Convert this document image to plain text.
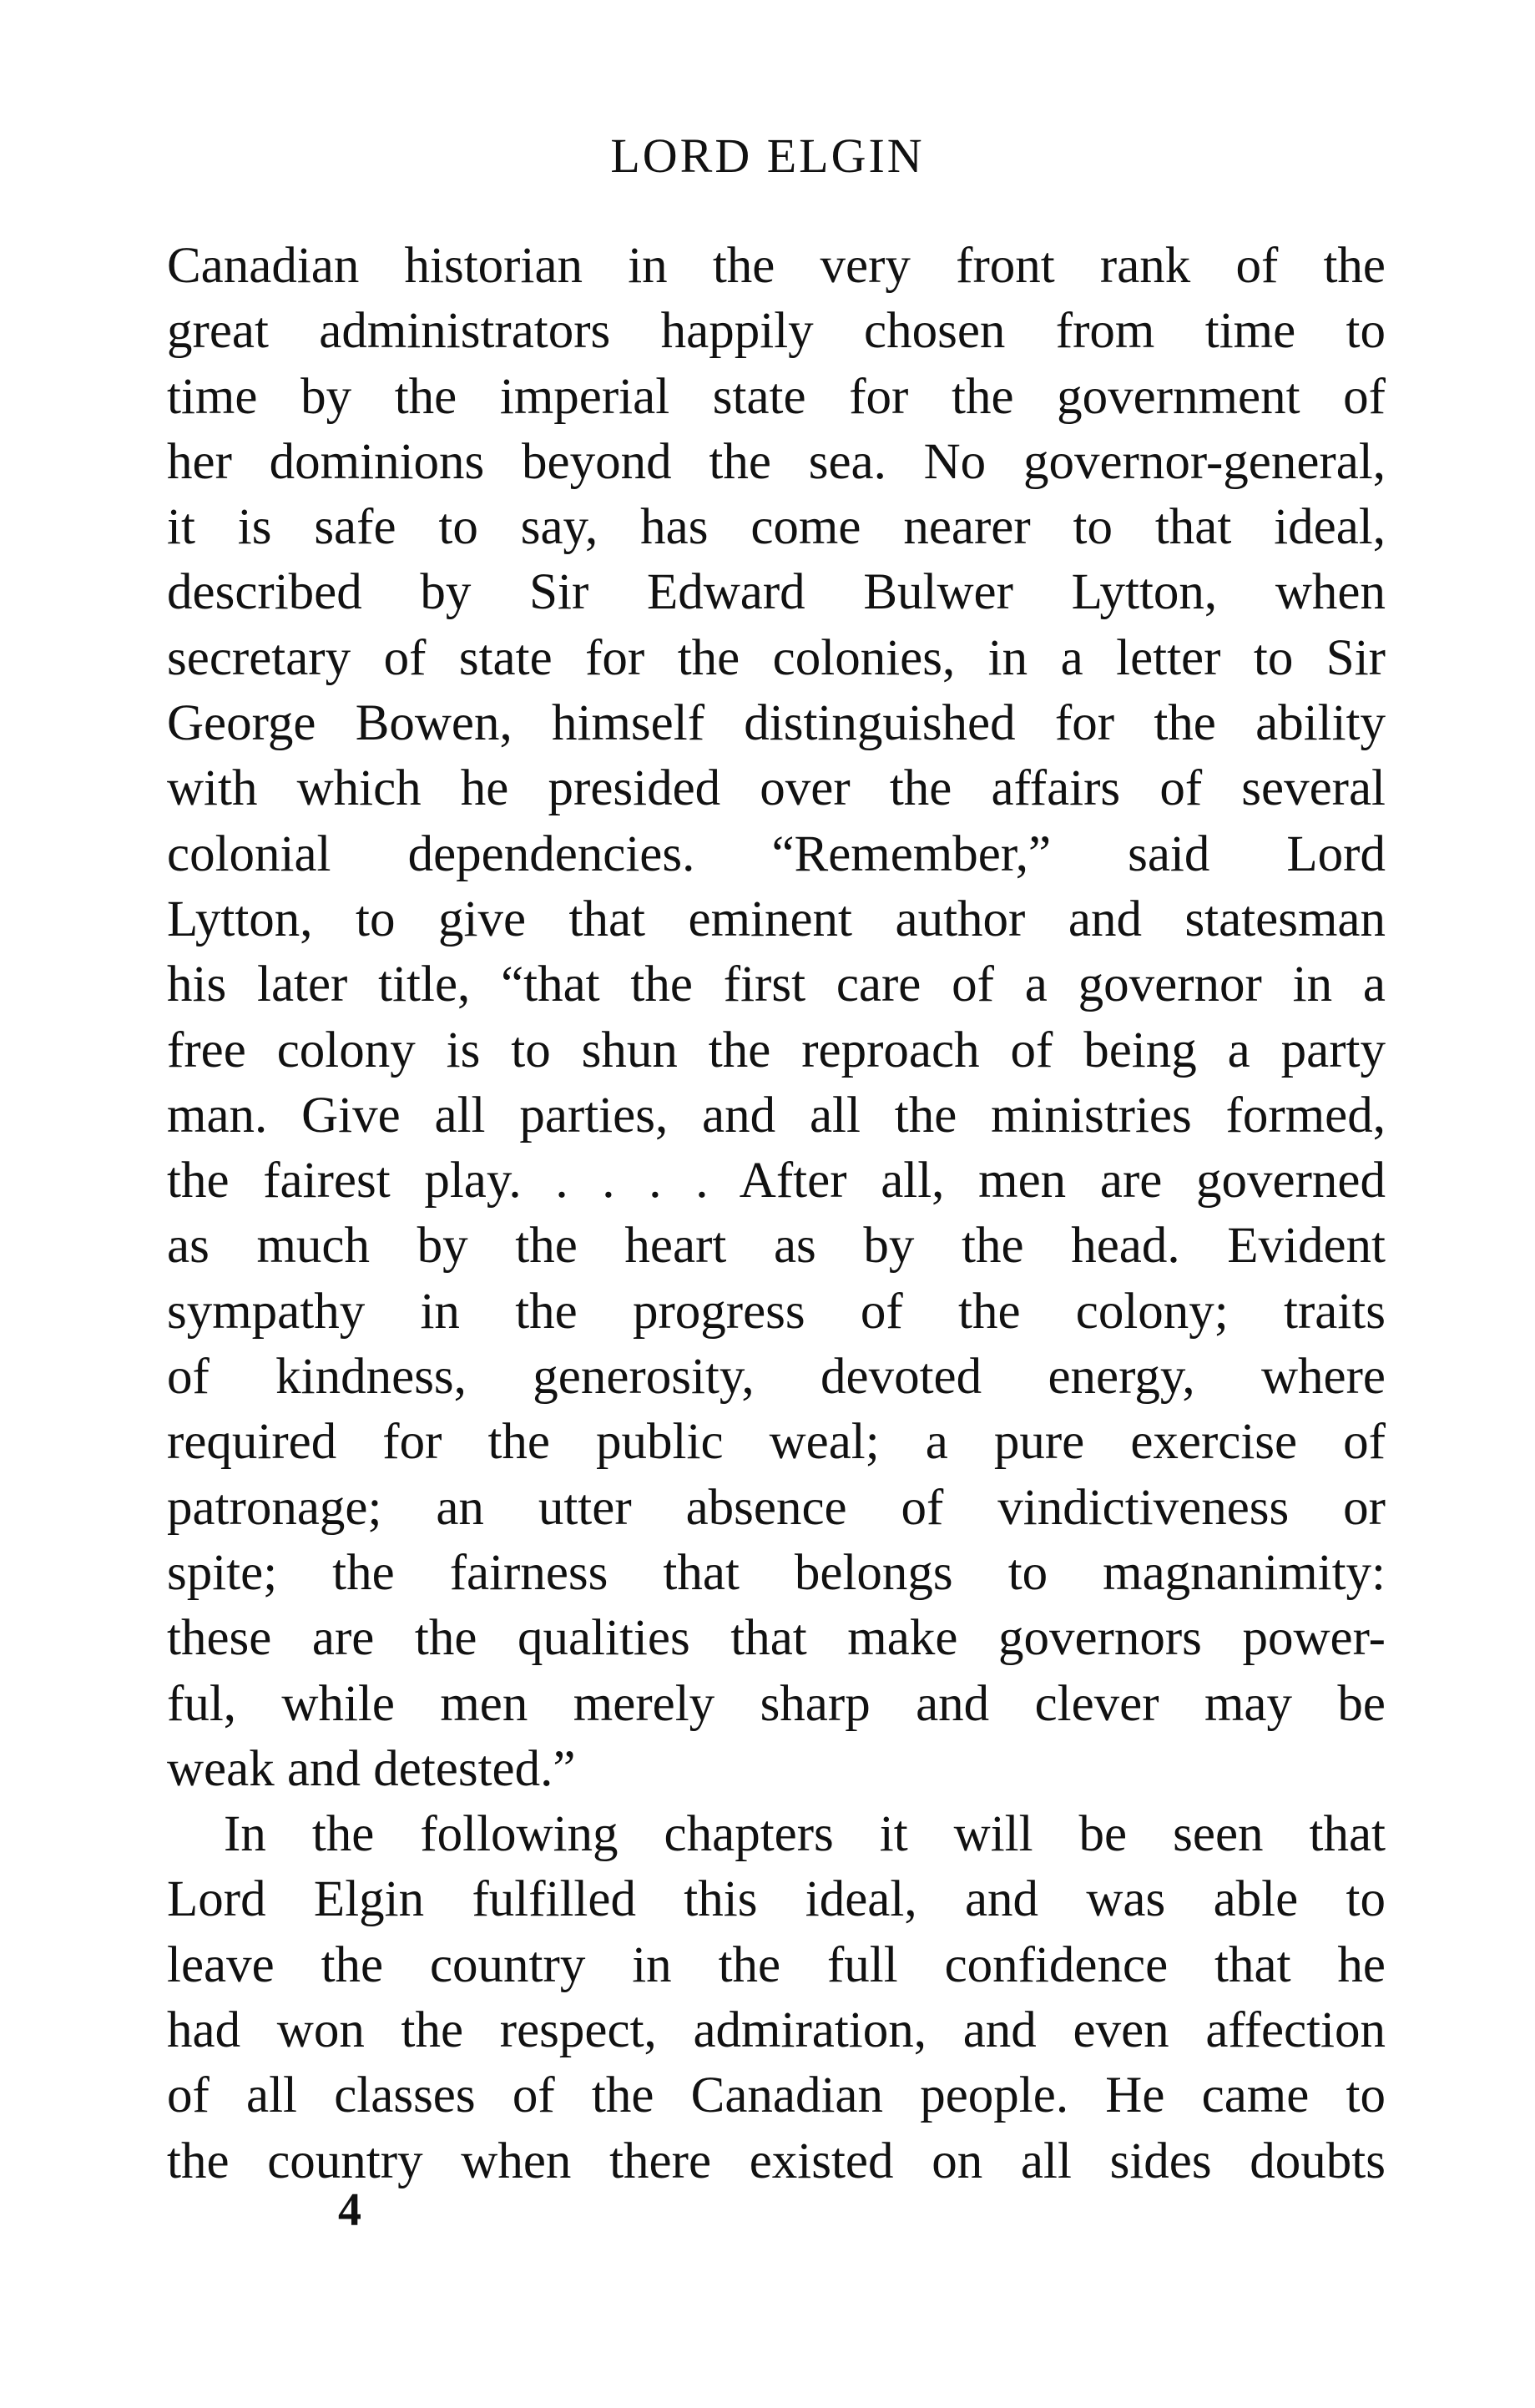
LORD ELGIN
Canadian historian in the very front rank of the
great administrators happily chosen from time to
time by the imperial state for the government of
her dominions beyond the sea. No governor-general,
it is safe to say, has come nearer to that ideal,
described by Sir Edward Bulwer Lytton, when
secretary of state for the colonies, in a letter to Sir
George Bowen, himself distinguished for the ability
with which he presided over the affairs of several
colonial dependencies. “Remember,” said Lord
Lytton, to give that eminent author and statesman
his later title, “that the first care of a governor in a
free colony is to shun the reproach of being a party
man. Give all parties, and all the ministries formed,
the fairest play. . . . . After all, men are governed
as much by the heart as by the head. Evident
sympathy in the progress of the colony; traits
of kindness, generosity, devoted energy, where
required for the public weal; a pure exercise of
patronage; an utter absence of vindictiveness or
spite; the fairness that belongs to magnanimity:
these are the qualities that make governors power-
ful, while men merely sharp and clever may be
weak and detested.”
In the following chapters it will be seen that
Lord Elgin fulfilled this ideal, and was able to
leave the country in the full confidence that he
had won the respect, admiration, and even affection
of all classes of the Canadian people. He came to
the country when there existed on all sides doubts
4
